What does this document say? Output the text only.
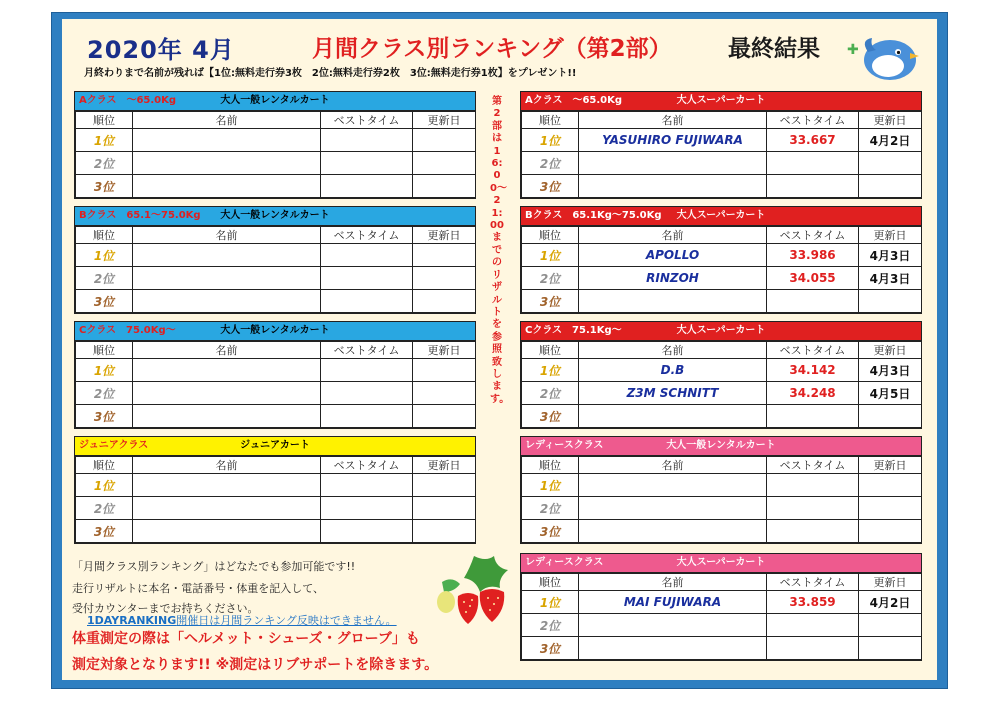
2020年 4月	月間クラス別ランキング（第2部） 最終結果 ✚
月終わりまで名前が残れば【1位:無料走行券3枚　2位:無料走行券2枚　3位:無料走行券1枚】をプレゼント!!
大人一般レンタルカート
Aクラス　〜65.0Kg
順位	名前	ベストタイム	更新日
1位			
2位			
3位			
大人一般レンタルカート
Bクラス　65.1〜75.0Kg
順位	名前	ベストタイム	更新日
1位			
2位			
3位			
大人一般レンタルカート
Cクラス　75.0Kg〜
順位	名前	ベストタイム	更新日
1位			
2位			
3位			
ジュニアカート
ジュニアクラス
順位	名前	ベストタイム	更新日
1位			
2位			
3位			
第2部は16:00〜21:00までのリザルトを参照致します。
大人スーパーカート
Aクラス　〜65.0Kg
順位	名前	ベストタイム	更新日
1位	YASUHIRO FUJIWARA	33.667	4月2日
2位			
3位			
大人スーパーカート
Bクラス　65.1Kg〜75.0Kg
順位	名前	ベストタイム	更新日
1位	APOLLO	33.986	4月3日
2位	RINZOH	34.055	4月3日
3位			
大人スーパーカート
Cクラス　75.1Kg〜
順位	名前	ベストタイム	更新日
1位	D.B	34.142	4月3日
2位	Z3M SCHNITT	34.248	4月5日
3位			
大人一般レンタルカート
レディースクラス
順位	名前	ベストタイム	更新日
1位			
2位			
3位			
大人スーパーカート
レディースクラス
順位	名前	ベストタイム	更新日
1位	MAI FUJIWARA	33.859	4月2日
2位			
3位			
「月間クラス別ランキング」はどなたでも参加可能です!!
走行リザルトに本名・電話番号・体重を記入して、
受付カウンターまでお持ちください。
1DAYRANKING開催日は月間ランキング反映はできません。
体重測定の際は「ヘルメット・シューズ・グローブ」も
測定対象となります!! ※測定はリブサポートを除きます。
